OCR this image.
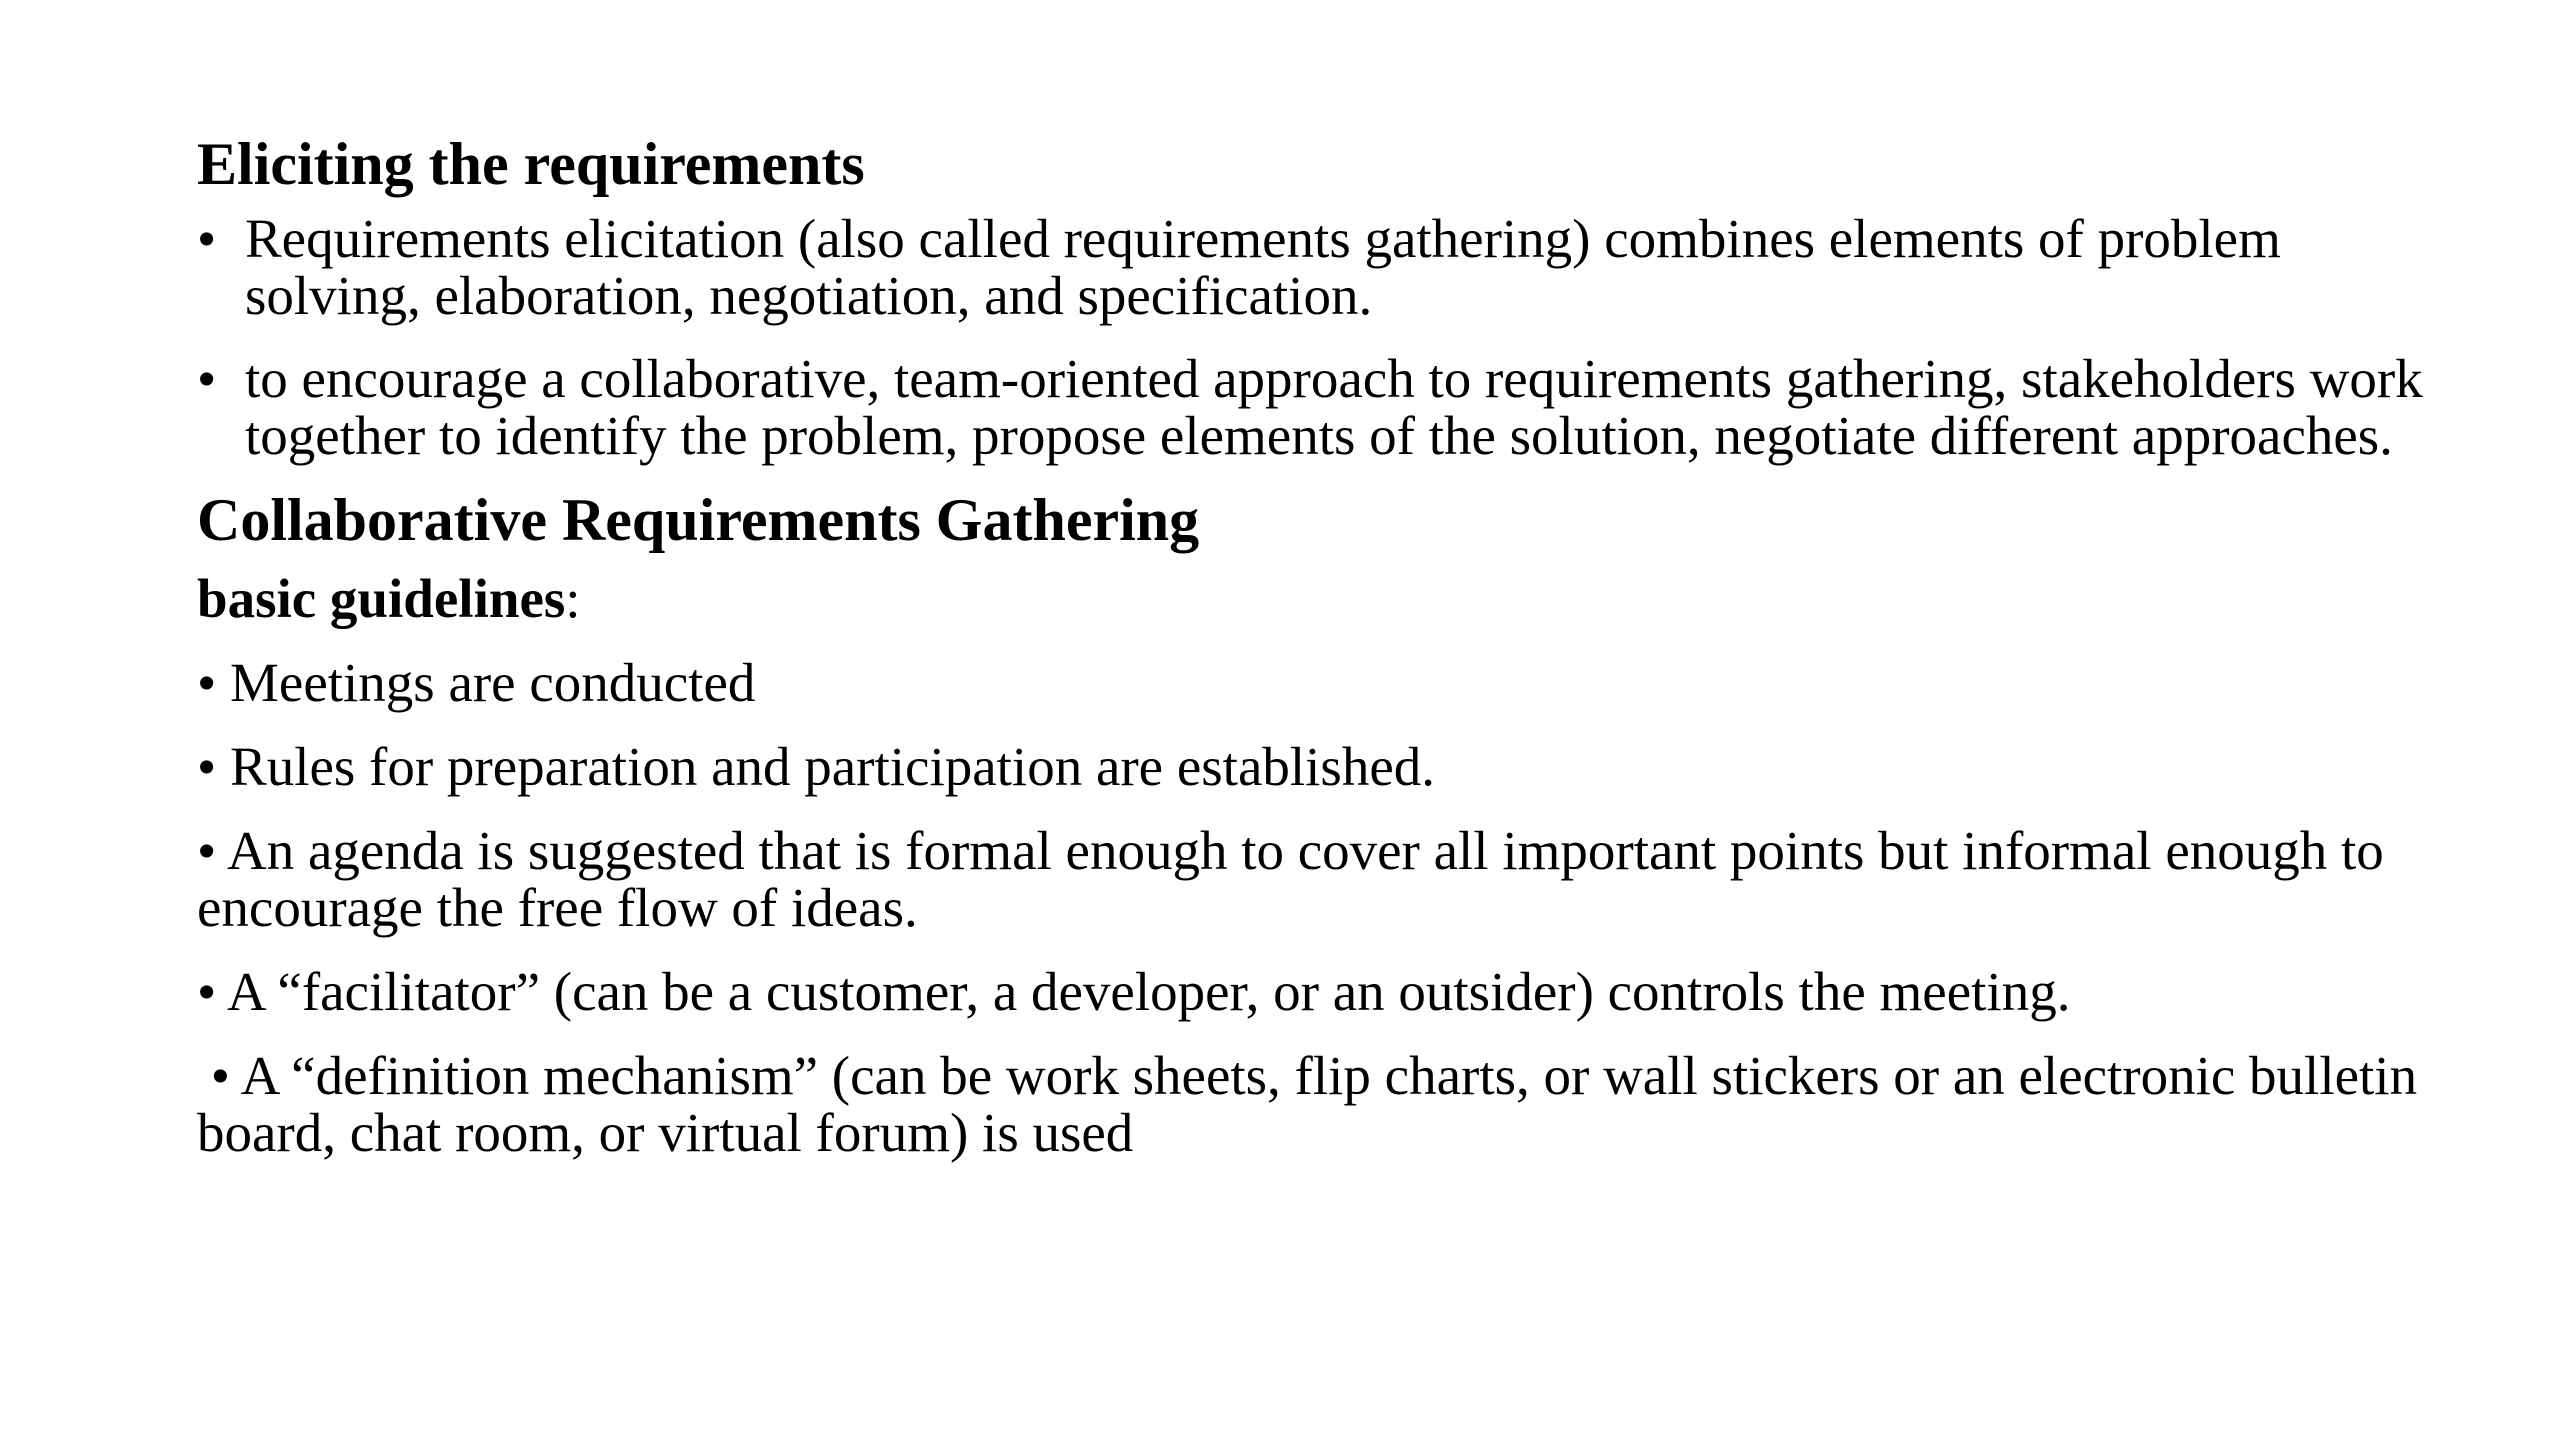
Eliciting the requirements
• Requirements elicitation (also called requirements gathering) combines elements of problem solving, elaboration, negotiation, and specification.
• to encourage a collaborative, team-oriented approach to requirements gathering, stakeholders work together to identify the problem, propose elements of the solution, negotiate different approaches.
Collaborative Requirements Gathering
basic guidelines:
• Meetings are conducted
• Rules for preparation and participation are established.
• An agenda is suggested that is formal enough to cover all important points but informal enough to encourage the free flow of ideas.
• A “facilitator” (can be a customer, a developer, or an outsider) controls the meeting.
• A “definition mechanism” (can be work sheets, flip charts, or wall stickers or an electronic bulletin board, chat room, or virtual forum) is used
